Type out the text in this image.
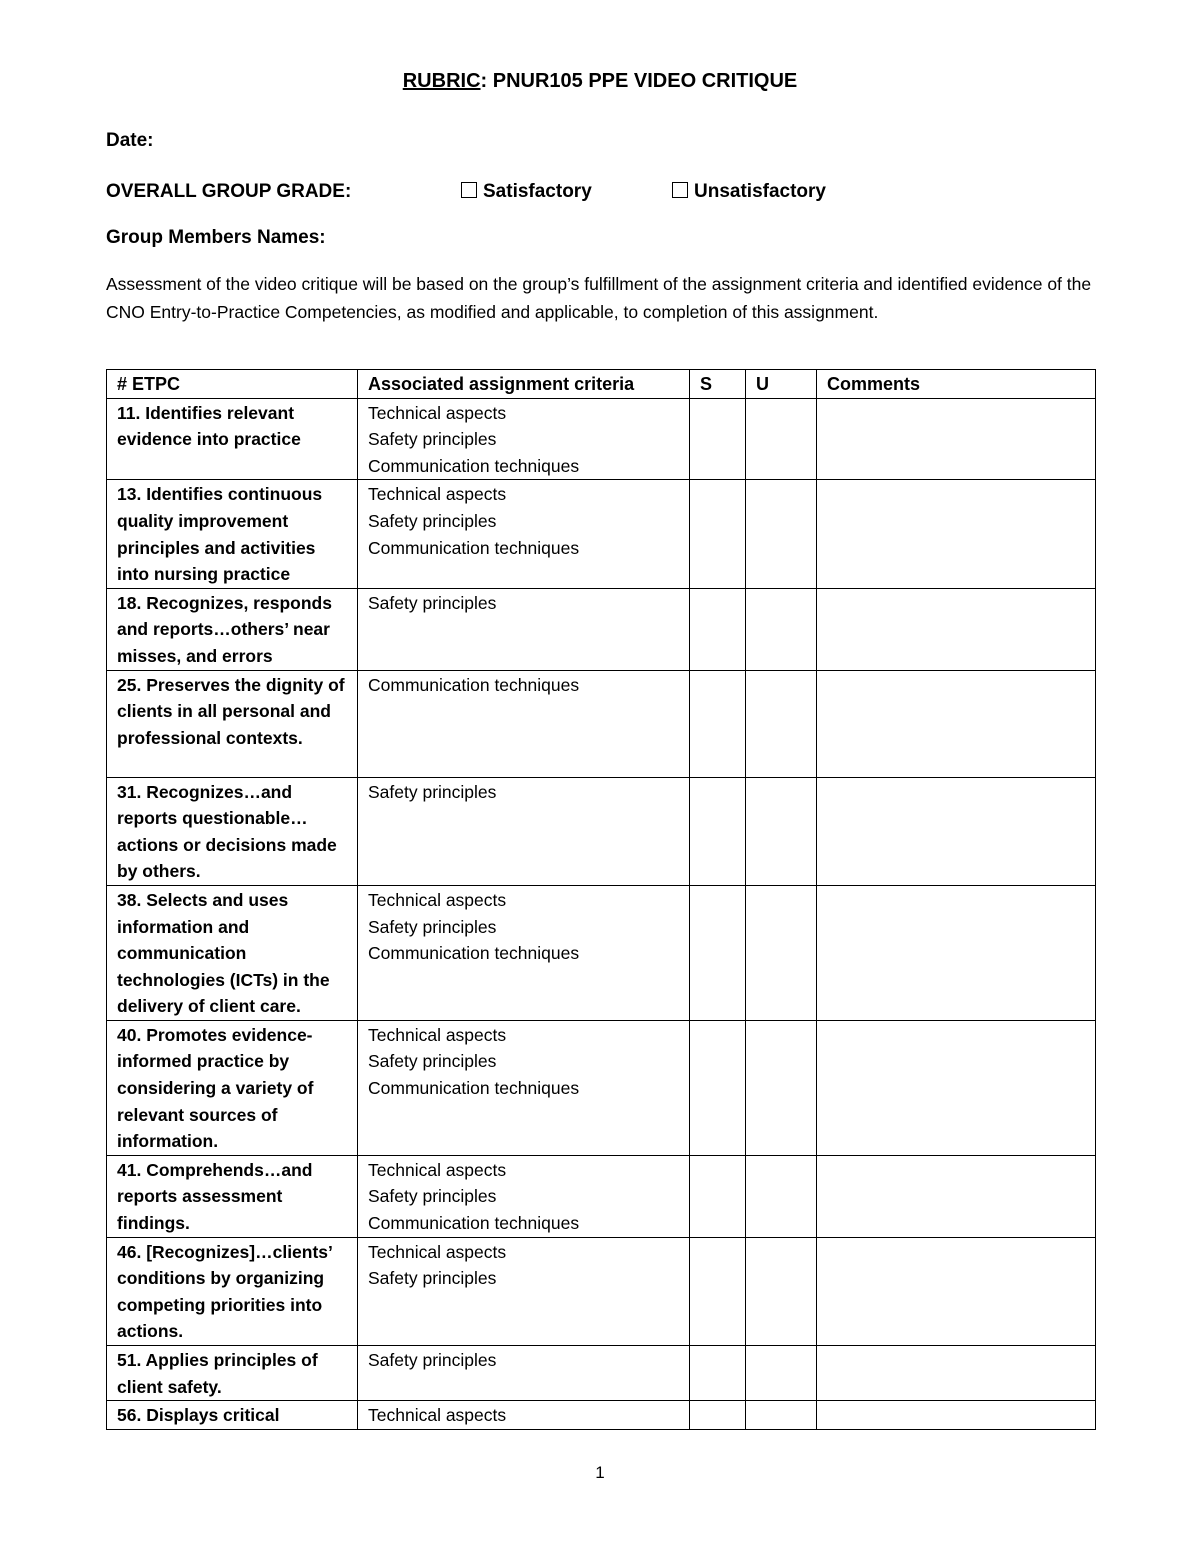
RUBRIC: PNUR105 PPE VIDEO CRITIQUE
Date:
OVERALL GROUP GRADE:	Satisfactory	Unsatisfactory
Group Members Names:
Assessment of the video critique will be based on the group’s fulfillment of the assignment criteria and identified evidence of the CNO Entry-to-Practice Competencies, as modified and applicable, to completion of this assignment.
# ETPC	Associated assignment criteria	S	U	Comments
11. Identifies relevant evidence into practice	Technical aspects
Safety principles
Communication techniques			

13. Identifies continuous quality improvement principles and activities into nursing practice	Technical aspects
Safety principles
Communication techniques			

18. Recognizes, responds and reports…others’ near misses, and errors	Safety principles			

25. Preserves the dignity of clients in all personal and professional contexts.	Communication techniques			

31. Recognizes…and reports questionable… actions or decisions made by others.	Safety principles			

38. Selects and uses information and communication technologies (ICTs) in the delivery of client care.	Technical aspects
Safety principles
Communication techniques			

40. Promotes evidence-informed practice by considering a variety of relevant sources of information.	Technical aspects
Safety principles
Communication techniques			

41. Comprehends…and reports assessment findings.	Technical aspects
Safety principles
Communication techniques			

46. [Recognizes]…clients’ conditions by organizing competing priorities into actions.	Technical aspects
Safety principles			

51. Applies principles of client safety.	Safety principles			

56. Displays critical	Technical aspects			

1
